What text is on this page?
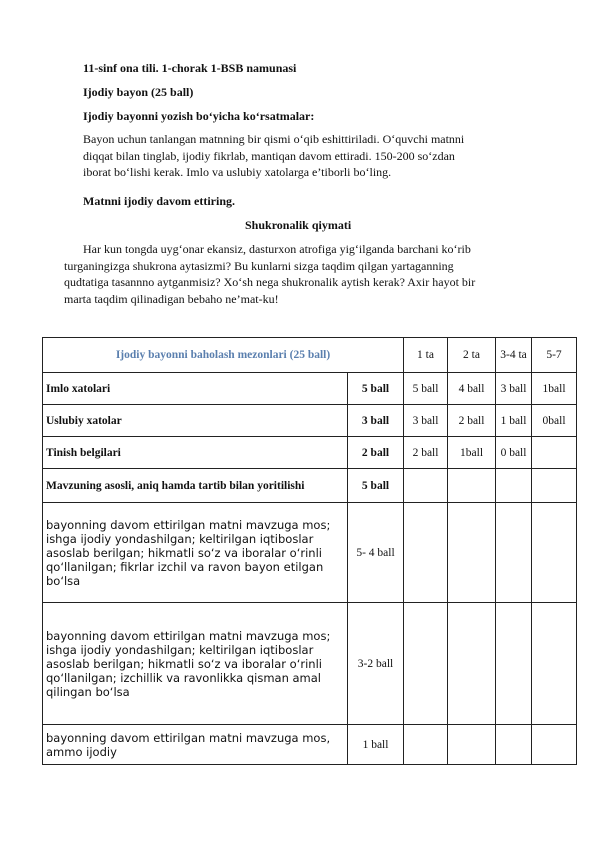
11-sinf ona tili. 1-chorak 1-BSB namunasi
Ijodiy bayon (25 ball)
Ijodiy bayonni yozish bo‘yicha ko‘rsatmalar:
Bayon uchun tanlangan matnning bir qismi o‘qib eshittiriladi. O‘quvchi matnni
diqqat bilan tinglab, ijodiy fikrlab, mantiqan davom ettiradi. 150-200 so‘zdan
iborat bo‘lishi kerak. Imlo va uslubiy xatolarga e’tiborli bo‘ling.
Matnni ijodiy davom ettiring.
Shukronalik qiymati
Har kun tongda uyg‘onar ekansiz, dasturxon atrofiga yig‘ilganda barchani ko‘rib
turganingizga shukrona aytasizmi? Bu kunlarni sizga taqdim qilgan yartaganning
qudtatiga tasannno aytganmisiz? Xo‘sh nega shukronalik aytish kerak? Axir hayot bir
marta taqdim qilinadigan bebaho ne’mat-ku!
Ijodiy bayonni baholash mezonlari (25 ball)		1 ta	2 ta	3-4 ta	5-7
Imlo xatolari	5 ball	5 ball	4 ball	3 ball	1ball
Uslubiy xatolar	3 ball	3 ball	2 ball	1 ball	0ball
Tinish belgilari	2 ball	2 ball	1ball	0 ball	
Mavzuning asosli, aniq hamda tartib bilan yoritilishi	5 ball				
bayonning davom ettirilgan matni mavzuga mos; ishga ijodiy yondashilgan; keltirilgan iqtiboslar asoslab berilgan; hikmatli so‘z va iboralar o‘rinli qo‘llanilgan; fikrlar izchil va ravon bayon etilgan bo‘lsa	5- 4 ball				
bayonning davom ettirilgan matni mavzuga mos; ishga ijodiy yondashilgan; keltirilgan iqtiboslar asoslab berilgan; hikmatli so‘z va iboralar o‘rinli qo‘llanilgan; izchillik va ravonlikka qisman amal qilingan bo‘lsa	3-2 ball				
bayonning davom ettirilgan matni mavzuga mos, ammo ijodiy	1 ball				
